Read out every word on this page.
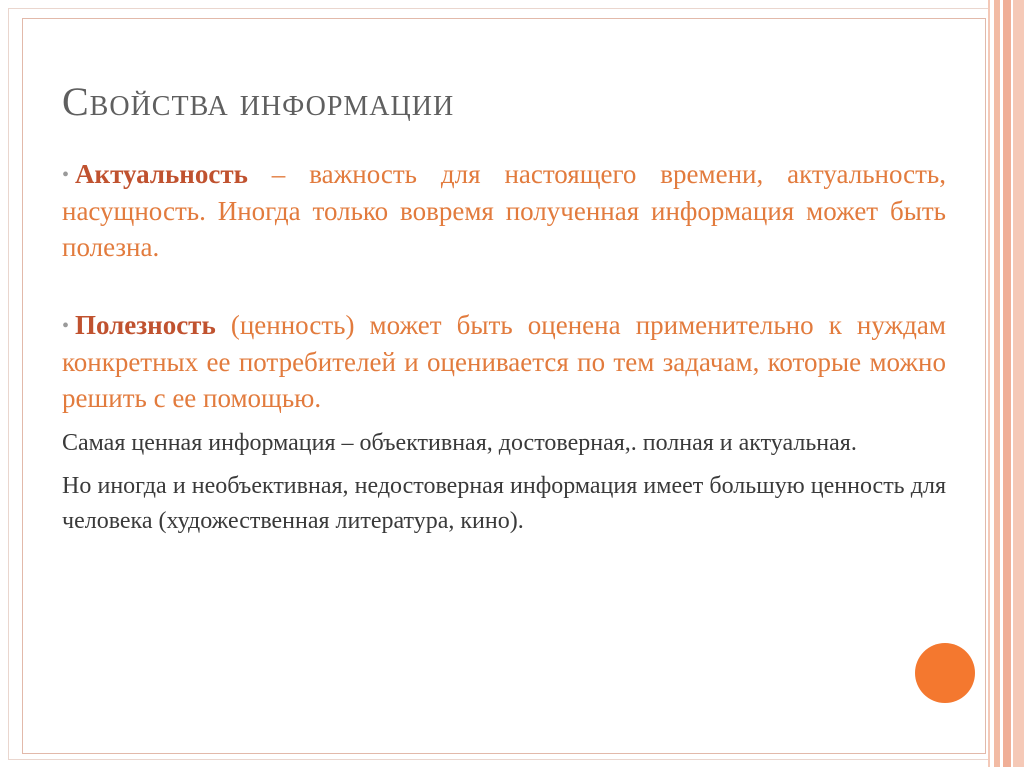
Свойства информации

• Актуальность – важность для настоящего времени, актуальность, насущность. Иногда только вовремя полученная информация может быть полезна.

• Полезность (ценность) может быть оценена применительно к нуждам конкретных ее потребителей и оценивается по тем задачам, которые можно решить с ее помощью.

Самая ценная информация – объективная, достоверная,. полная и актуальная.

Но иногда и необъективная, недостоверная информация имеет большую ценность для человека (художественная литература, кино).
